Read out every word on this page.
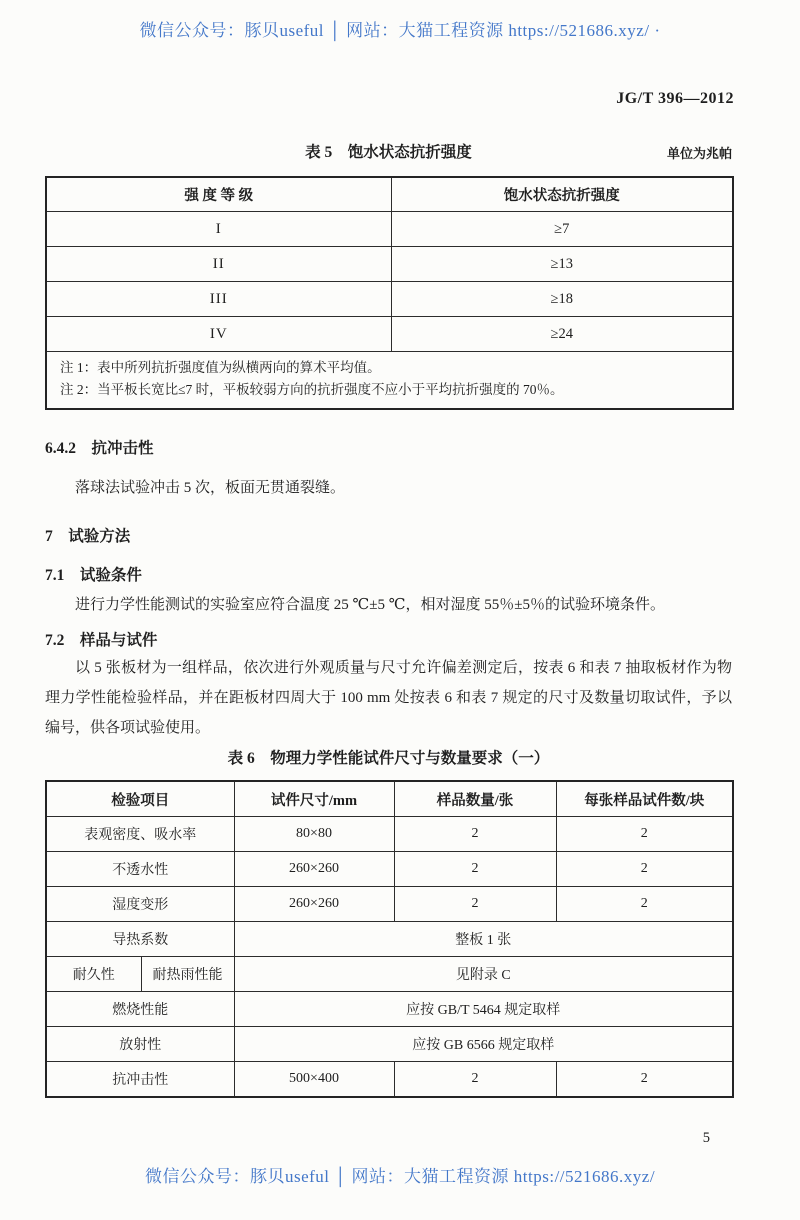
微信公众号：豚贝useful │ 网站：大猫工程资源 https://521686.xyz/ ·
JG/T 396—2012
表 5　饱水状态抗折强度	单位为兆帕
强 度 等 级	饱水状态抗折强度
I	≥7
II	≥13
III	≥18
IV	≥24

注 1：表中所列抗折强度值为纵横两向的算术平均值。
注 2：当平板长宽比≤7 时，平板较弱方向的抗折强度不应小于平均抗折强度的 70％。	
6.4.2　抗冲击性
落球法试验冲击 5 次，板面无贯通裂缝。
7　试验方法
7.1　试验条件
进行力学性能测试的实验室应符合温度 25 ℃±5 ℃，相对湿度 55％±5％的试验环境条件。
7.2　样品与试件
以 5 张板材为一组样品，依次进行外观质量与尺寸允许偏差测定后，按表 6 和表 7 抽取板材作为物理力学性能检验样品，并在距板材四周大于 100 mm 处按表 6 和表 7 规定的尺寸及数量切取试件，予以编号，供各项试验使用。
表 6　物理力学性能试件尺寸与数量要求（一）
检验项目		试件尺寸/mm	样品数量/张	每张样品试件数/块
表观密度、吸水率		80×80	2	2
不透水性		260×260	2	2
湿度变形		260×260	2	2
导热系数		整板 1 张		
耐久性	耐热雨性能	见附录 C		
燃烧性能		应按 GB/T 5464 规定取样		
放射性		应按 GB 6566 规定取样		
抗冲击性		500×400	2	2
5
微信公众号：豚贝useful │ 网站：大猫工程资源 https://521686.xyz/
